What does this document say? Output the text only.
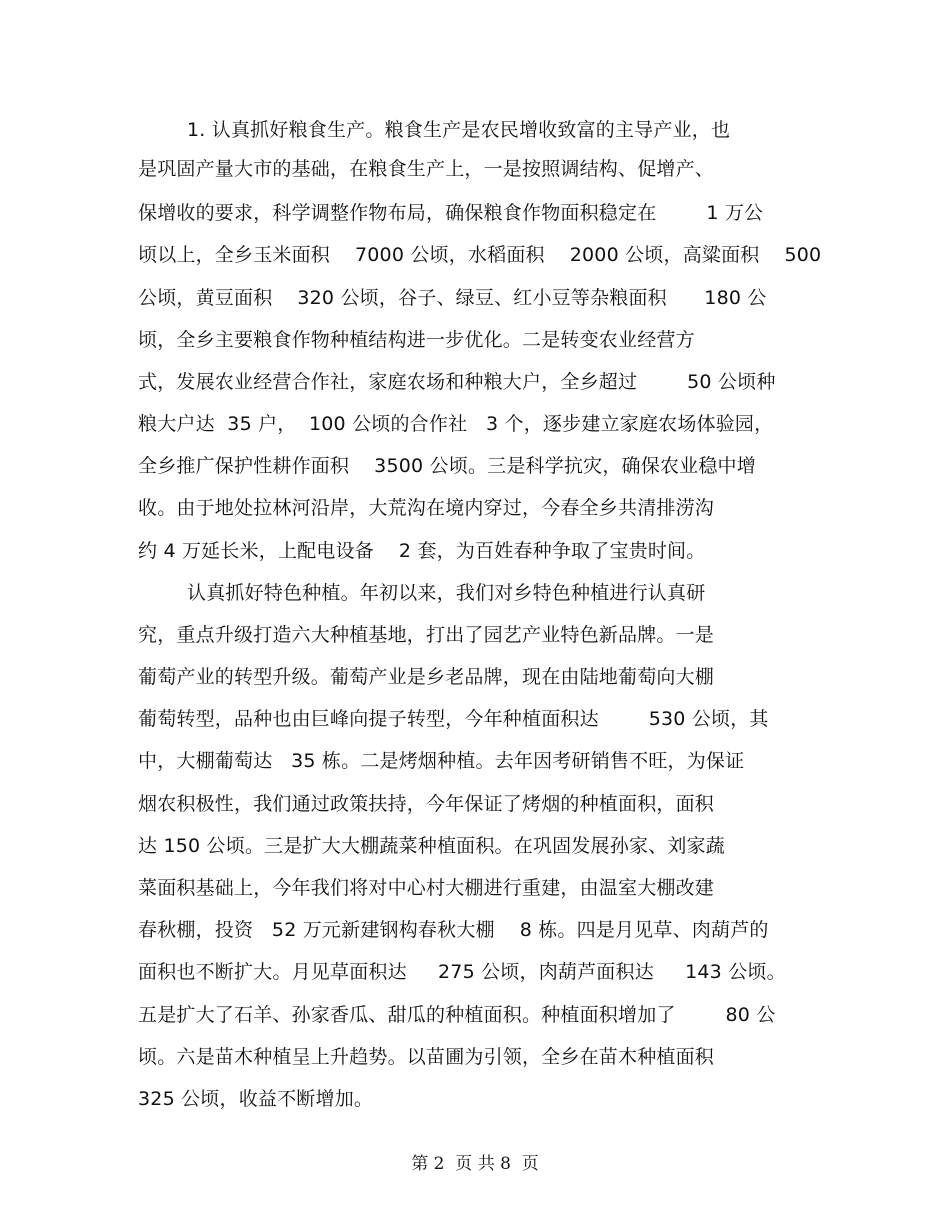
1. 认真抓好粮食生产。粮食生产是农民增收致富的主导产业，也
是巩固产量大市的基础，在粮食生产上，一是按照调结构、促增产、
保增收的要求，科学调整作物布局，确保粮食作物面积稳定在        1 万公
顷以上，全乡玉米面积    7000 公顷，水稻面积    2000 公顷，高粱面积    500
公顷，黄豆面积    320 公顷，谷子、绿豆、红小豆等杂粮面积      180 公
顷，全乡主要粮食作物种植结构进一步优化。二是转变农业经营方
式，发展农业经营合作社，家庭农场和种粮大户，全乡超过        50 公顷种
粮大户达  35 户，  100 公顷的合作社   3 个，逐步建立家庭农场体验园，
全乡推广保护性耕作面积    3500 公顷。三是科学抗灾，确保农业稳中增
收。由于地处拉林河沿岸，大荒沟在境内穿过，今春全乡共清排涝沟
约 4 万延长米，上配电设备    2 套，为百姓春种争取了宝贵时间。
认真抓好特色种植。年初以来，我们对乡特色种植进行认真研
究，重点升级打造六大种植基地，打出了园艺产业特色新品牌。一是
葡萄产业的转型升级。葡萄产业是乡老品牌，现在由陆地葡萄向大棚
葡萄转型，品种也由巨峰向提子转型，今年种植面积达        530 公顷，其
中，大棚葡萄达   35 栋。二是烤烟种植。去年因考研销售不旺，为保证
烟农积极性，我们通过政策扶持，今年保证了烤烟的种植面积，面积
达 150 公顷。三是扩大大棚蔬菜种植面积。在巩固发展孙家、刘家蔬
菜面积基础上，今年我们将对中心村大棚进行重建，由温室大棚改建
春秋棚，投资   52 万元新建钢构春秋大棚    8 栋。四是月见草、肉葫芦的
面积也不断扩大。月见草面积达     275 公顷，肉葫芦面积达     143 公顷。
五是扩大了石羊、孙家香瓜、甜瓜的种植面积。种植面积增加了        80 公
顷。六是苗木种植呈上升趋势。以苗圃为引领，全乡在苗木种植面积
325 公顷，收益不断增加。
第 2  页 共 8  页
